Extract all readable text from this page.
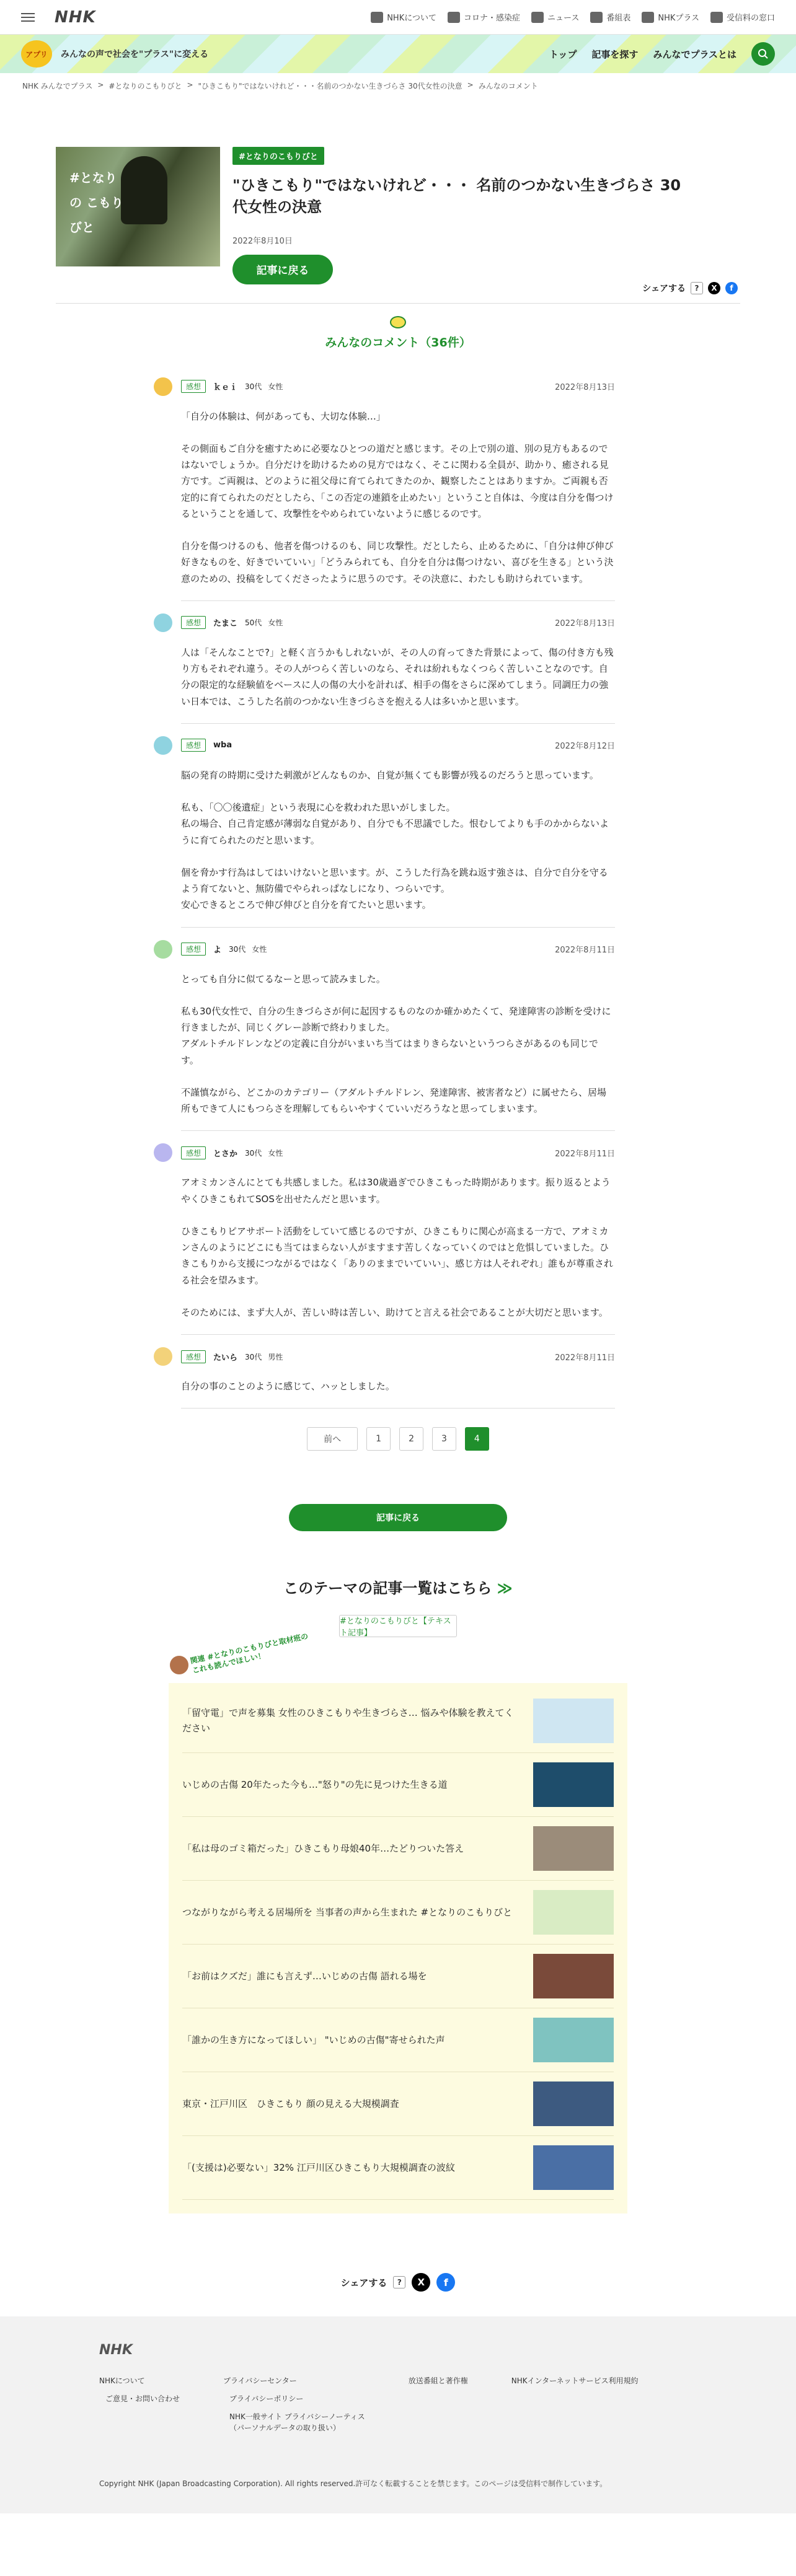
NHK	NHKについて	コロナ・感染症	ニュース	番組表	NHKプラス	受信料の窓口
アプリ	みんなの声で社会を"プラス"に変える	トップ 記事を探す みんなでプラスとは
NHK みんなでプラス > #となりのこもりびと > "ひきこもり"ではないけれど・・・名前のつかない生きづらさ 30代女性の決意 > みんなのコメント
#となりの こもりびと
#となりのこもりびと
"ひきこもり"ではないけれど・・・ 名前のつかない生きづらさ 30代女性の決意
2022年8月10日
記事に戻る
シェアする	?	X	f
みんなのコメント（36件）
感想	ｋｅｉ 30代 女性	2022年8月13日

「自分の体験は、何があっても、大切な体験…」

その側面もご自分を癒すために必要なひとつの道だと感じます。その上で別の道、別の見方もあるのではないでしょうか。自分だけを助けるための見方ではなく、そこに関わる全員が、助かり、癒される見方です。ご両親は、どのように祖父母に育てられてきたのか、観察したことはありますか。ご両親も否定的に育てられたのだとしたら、「この否定の連鎖を止めたい」ということ自体は、今度は自分を傷つけるということを通して、攻撃性をやめられていないように感じるのです。

自分を傷つけるのも、他者を傷つけるのも、同じ攻撃性。だとしたら、止めるために、「自分は伸び伸び好きなものを、好きでいていい」「どうみられても、自分を自分は傷つけない、喜びを生きる」という決意のための、投稿をしてくださったように思うのです。その決意に、わたしも助けられています。

感想	たまこ 50代 女性	2022年8月13日

人は「そんなことで?」と軽く言うかもしれないが、その人の育ってきた背景によって、傷の付き方も残り方もそれぞれ違う。その人がつらく苦しいのなら、それは紛れもなくつらく苦しいことなのです。自分の限定的な経験値をベースに人の傷の大小を計れば、相手の傷をさらに深めてしまう。同調圧力の強い日本では、こうした名前のつかない生きづらさを抱える人は多いかと思います。

感想	wba	2022年8月12日

脳の発育の時期に受けた刺激がどんなものか、自覚が無くても影響が残るのだろうと思っています。

私も、「〇〇後遺症」という表現に心を救われた思いがしました。
私の場合、自己肯定感が薄弱な自覚があり、自分でも不思議でした。恨むしてよりも手のかからないように育てられたのだと思います。

個を脅かす行為はしてはいけないと思います。が、こうした行為を跳ね返す強さは、自分で自分を守るよう育てないと、無防備でやられっぱなしになり、つらいです。
安心できるところで伸び伸びと自分を育てたいと思います。

感想	よ 30代 女性	2022年8月11日

とっても自分に似てるなーと思って読みました。

私も30代女性で、自分の生きづらさが何に起因するものなのか確かめたくて、発達障害の診断を受けに行きましたが、同じくグレー診断で終わりました。
アダルトチルドレンなどの定義に自分がいまいち当てはまりきらないというつらさがあるのも同じです。

不謹慎ながら、どこかのカテゴリー（アダルトチルドレン、発達障害、被害者など）に属せたら、居場所もできて人にもつらさを理解してもらいやすくていいだろうなと思ってしまいます。

感想	とさか 30代 女性	2022年8月11日

アオミカンさんにとても共感しました。私は30歳過ぎでひきこもった時期があります。振り返るとようやくひきこもれてSOSを出せたんだと思います。

ひきこもりピアサポート活動をしていて感じるのですが、ひきこもりに関心が高まる一方で、アオミカンさんのようにどこにも当てはまらない人がますます苦しくなっていくのではと危惧していました。ひきこもりから支援につながるではなく「ありのままでいていい」、感じ方は人それぞれ」誰もが尊重される社会を望みます。

そのためには、まず大人が、苦しい時は苦しい、助けてと言える社会であることが大切だと思います。

感想	たいら 30代 男性	2022年8月11日

自分の事のことのように感じて、ハッとしました。

前へ	1	2	3	4
記事に戻る
このテーマの記事一覧はこちら ≫
#となりのこもりびと【テキスト記事】
関連 #となりのこもりびと取材班の
これも読んでほしい！
「留守電」で声を募集 女性のひきこもりや生きづらさ… 悩みや体験を教えてください
いじめの古傷 20年たった今も…"怒り"の先に見つけた生きる道
「私は母のゴミ箱だった」ひきこもり母娘40年…たどりついた答え
つながりながら考える居場所を 当事者の声から生まれた #となりのこもりびと
「お前はクズだ」誰にも言えず…いじめの古傷 語れる場を
「誰かの生き方になってほしい」 "いじめの古傷"寄せられた声
東京・江戸川区　ひきこもり 顔の見える大規模調査
「(支援は)必要ない」32% 江戸川区ひきこもり大規模調査の波紋
シェアする	?	X	f
NHK
NHKについて
ご意見・お問い合わせ
プライバシーセンター
プライバシーポリシー
NHK一般サイト プライバシーノーティス
（パーソナルデータの取り扱い）
放送番組と著作権	NHKインターネットサービス利用規約
Copyright NHK (Japan Broadcasting Corporation). All rights reserved.許可なく転載することを禁じます。このページは受信料で制作しています。
